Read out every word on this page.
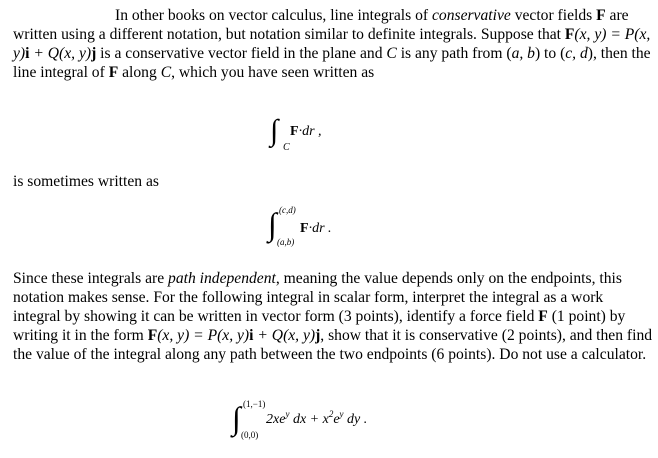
In other books on vector calculus, line integrals of conservative vector fields F are written using a different notation, but notation similar to definite integrals. Suppose that F(x, y) = P(x, y)i + Q(x, y)j is a conservative vector field in the plane and C is any path from (a, b) to (c, d), then the line integral of F along C, which you have seen written as

∫
C
F·dr ,

is sometimes written as

∫ (c,d)
(a,b)
F·dr .

Since these integrals are path independent, meaning the value depends only on the endpoints, this notation makes sense. For the following integral in scalar form, interpret the integral as a work integral by showing it can be written in vector form (3 points), identify a force field F (1 point) by writing it in the form F(x, y) = P(x, y)i + Q(x, y)j, show that it is conservative (2 points), and then find the value of the integral along any path between the two endpoints (6 points). Do not use a calculator.

∫ (1,−1)
(0,0)
$2xe^y$ dx + $x^2e^y$ dy .
